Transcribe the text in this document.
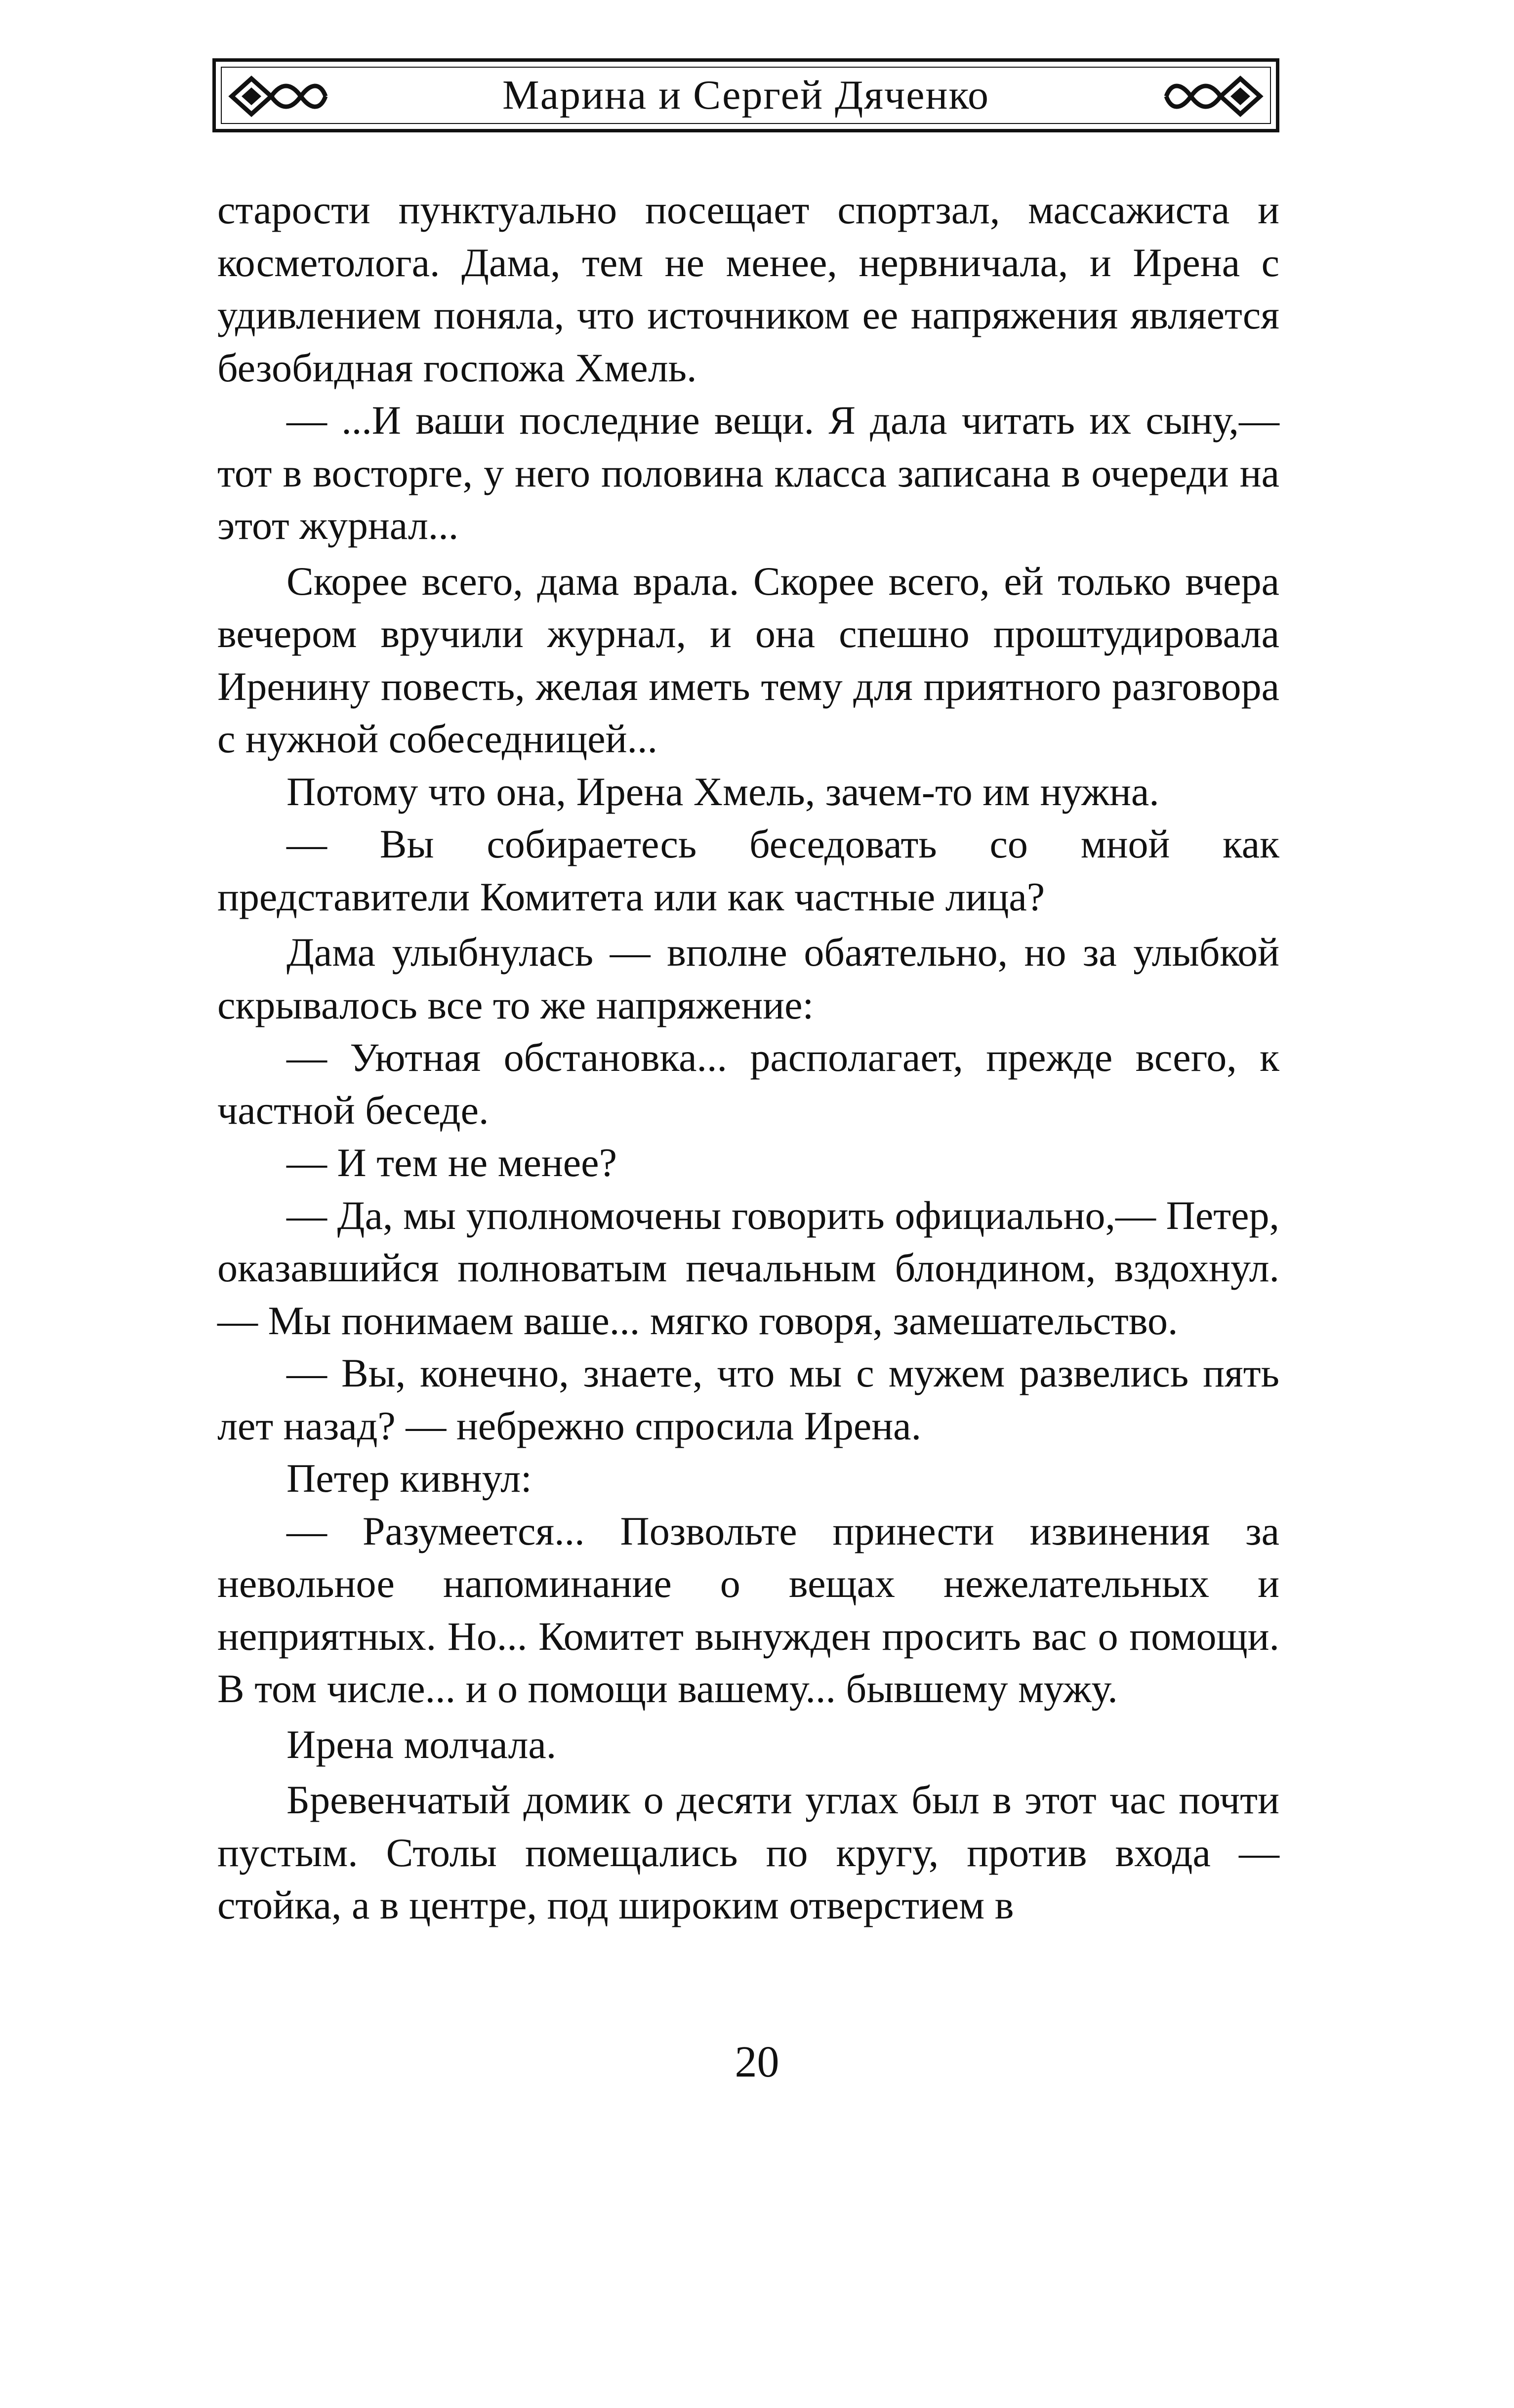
Марина и Сергей Дяченко

старости пунктуально посещает спортзал, массажиста и косметолога. Дама, тем не менее, нервничала, и Ирена с удивлением поняла, что источником ее напряжения является безобидная госпожа Хмель.

— ...И ваши последние вещи. Я дала читать их сыну,— тот в восторге, у него половина класса записана в очереди на этот журнал...

Скорее всего, дама врала. Скорее всего, ей только вчера вечером вручили журнал, и она спешно проштудировала Иренину повесть, желая иметь тему для приятного разговора с нужной собеседницей...

Потому что она, Ирена Хмель, зачем-то им нужна.

— Вы собираетесь беседовать со мной как представители Комитета или как частные лица?

Дама улыбнулась — вполне обаятельно, но за улыбкой скрывалось все то же напряжение:

— Уютная обстановка... располагает, прежде всего, к частной беседе.

— И тем не менее?

— Да, мы уполномочены говорить официально,— Петер, оказавшийся полноватым печальным блондином, вздохнул.— Мы понимаем ваше... мягко говоря, замешательство.

— Вы, конечно, знаете, что мы с мужем развелись пять лет назад? — небрежно спросила Ирена.

Петер кивнул:

— Разумеется... Позвольте принести извинения за невольное напоминание о вещах нежелательных и неприятных. Но... Комитет вынужден просить вас о помощи. В том числе... и о помощи вашему... бывшему мужу.

Ирена молчала.

Бревенчатый домик о десяти углах был в этот час почти пустым. Столы помещались по кругу, против входа — стойка, а в центре, под широким отверстием в

20
